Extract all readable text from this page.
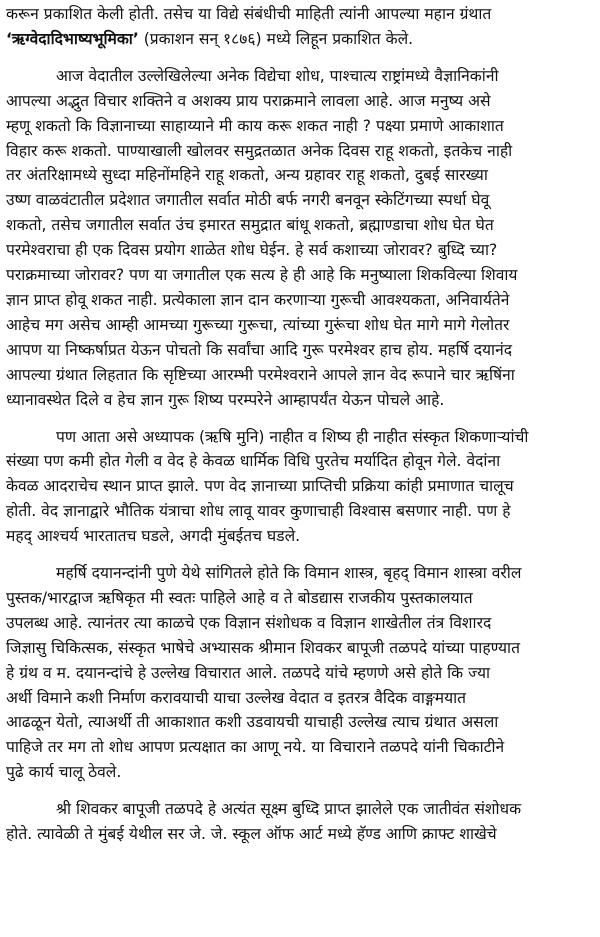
करून प्रकाशित केली होती. तसेच या विद्ये संबंधीची माहिती त्यांनी आपल्या महान ग्रंथात
‘ऋग्वेदादिभाष्यभूमिका’ (प्रकाशन सन् १८७६) मध्ये लिहून प्रकाशित केले.

आज वेदातील उल्लेखिलेल्या अनेक विद्येचा शोध, पाश्चात्य राष्ट्रांमध्ये वैज्ञानिकांनी
आपल्या अद्भुत विचार शक्तिने व अशक्य प्राय पराक्रमाने लावला आहे. आज मनुष्य असे
म्हणू शकतो कि विज्ञानाच्या साहाय्याने मी काय करू शकत नाही ? पक्ष्या प्रमाणे आकाशात
विहार करू शकतो. पाण्याखाली खोलवर समुद्रतळात अनेक दिवस राहू शकतो, इतकेच नाही
तर अंतरिक्षामध्ये सुध्दा महिनोंमहिने राहू शकतो, अन्य ग्रहावर राहू शकतो, दुबई सारख्या
उष्ण वाळवंटातील प्रदेशात जगातील सर्वात मोठी बर्फ नगरी बनवून स्केटिंगच्या स्पर्धा घेवू
शकतो, तसेच जगातील सर्वात उंच इमारत समुद्रात बांधू शकतो, ब्रह्माण्डाचा शोध घेत घेत
परमेश्वराचा ही एक दिवस प्रयोग शाळेत शोध घेईन. हे सर्व कशाच्या जोरावर? बुध्दि च्या?
पराक्रमाच्या जोरावर? पण या जगातील एक सत्य हे ही आहे कि मनुष्याला शिकविल्या शिवाय
ज्ञान प्राप्त होवू शकत नाही. प्रत्येकाला ज्ञान दान करणाऱ्या गुरूची आवश्यकता, अनिवार्यतेने
आहेच मग असेच आम्ही आमच्या गुरूच्या गुरूचा, त्यांच्या गुरूंचा शोध घेत मागे मागे गेलोतर
आपण या निष्कर्षाप्रत येऊन पोचतो कि सर्वांचा आदि गुरू परमेश्वर हाच होय. महर्षि दयानंद
आपल्या ग्रंथात लिहतात कि सृष्टिच्या आरम्भी परमेश्वराने आपले ज्ञान वेद रूपाने चार ऋषिंना
ध्यानावस्थेत दिले व हेच ज्ञान गुरू शिष्य परम्परेने आम्हापर्यंत येऊन पोचले आहे.

पण आता असे अध्यापक (ऋषि मुनि) नाहीत व शिष्य ही नाहीत संस्कृत शिकणाऱ्यांची
संख्या पण कमी होत गेली व वेद हे केवळ धार्मिक विधि पुरतेच मर्यादित होवून गेले. वेदांना
केवळ आदराचेच स्थान प्राप्त झाले. पण वेद ज्ञानाच्या प्राप्तिची प्रक्रिया कांही प्रमाणात चालूच
होती. वेद ज्ञानाद्वारे भौतिक यंत्राचा शोध लावू यावर कुणाचाही विश्वास बसणार नाही. पण हे
महद् आश्चर्य भारतातच घडले, अगदी मुंबईतच घडले.

महर्षि दयानन्दांनी पुणे येथे सांगितले होते कि विमान शास्त्र, बृहद् विमान शास्त्रा वरील
पुस्तक/भारद्वाज ऋषिकृत मी स्वतः पाहिले आहे व ते बोडद्यास राजकीय पुस्तकालयात
उपलब्ध आहे. त्यानंतर त्या काळचे एक विज्ञान संशोधक व विज्ञान शाखेतील तंत्र विशारद
जिज्ञासु चिकित्सक, संस्कृत भाषेचे अभ्यासक श्रीमान शिवकर बापूजी तळपदे यांच्या पाहण्यात
हे ग्रंथ व म. दयानन्दांचे हे उल्लेख विचारात आले. तळपदे यांचे म्हणणे असे होते कि ज्या
अर्थी विमाने कशी निर्माण करावयाची याचा उल्लेख वेदात व इतरत्र वैदिक वाङ्गमयात
आढळून येतो, त्याअर्थी ती आकाशात कशी उडवायची याचाही उल्लेख त्याच ग्रंथात असला
पाहिजे तर मग तो शोध आपण प्रत्यक्षात का आणू नये. या विचाराने तळपदे यांनी चिकाटीने
पुढे कार्य चालू ठेवले.

श्री शिवकर बापूजी तळपदे हे अत्यंत सूक्ष्म बुध्दि प्राप्त झालेले एक जातीवंत संशोधक
होते. त्यावेळी ते मुंबई येथील सर जे. जे. स्कूल ऑफ आर्ट मध्ये हॅण्ड आणि क्राफ्ट शाखेचे
